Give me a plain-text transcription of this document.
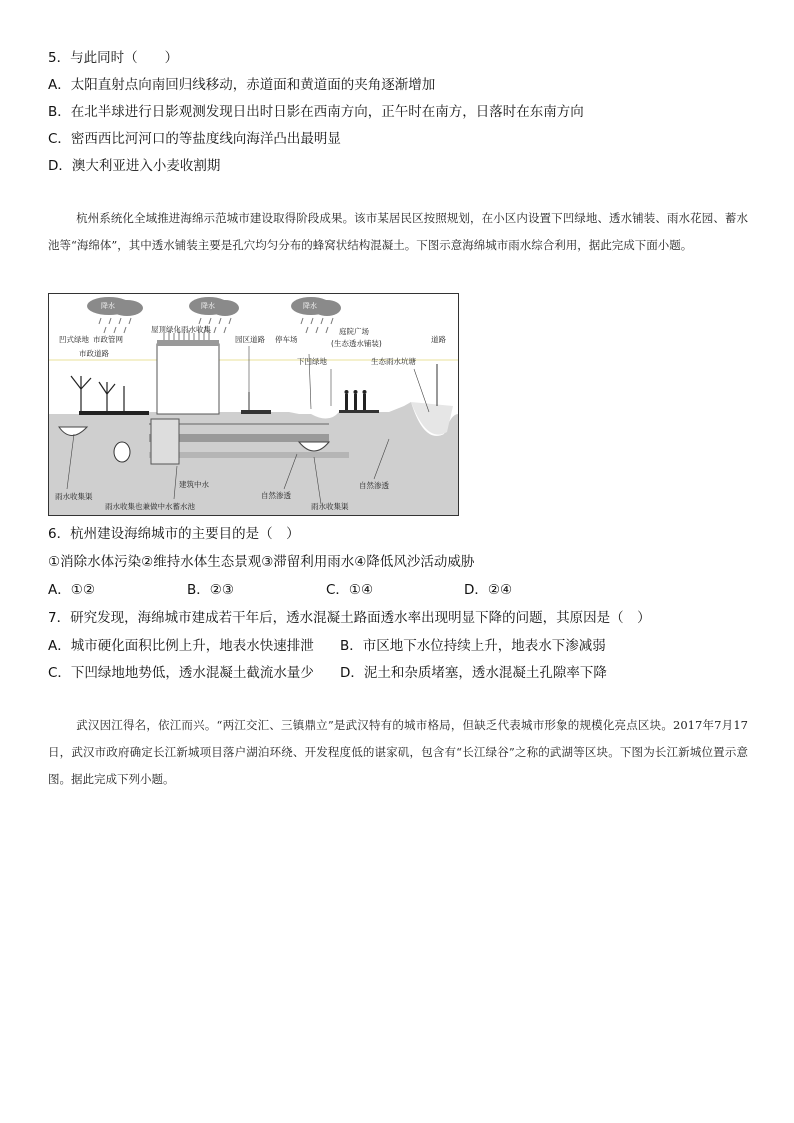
5．与此同时（　　）
A．太阳直射点向南回归线移动，赤道面和黄道面的夹角逐渐增加
B．在北半球进行日影观测发现日出时日影在西南方向，正午时在南方，日落时在东南方向
C．密西西比河河口的等盐度线向海洋凸出最明显
D．澳大利亚进入小麦收割期
杭州系统化全域推进海绵示范城市建设取得阶段成果。该市某居民区按照规划，在小区内设置下凹绿地、透水铺装、雨水花园、蓄水池等“海绵体”，其中透水铺装主要是孔穴均匀分布的蜂窝状结构混凝土。下图示意海绵城市雨水综合利用，据此完成下面小题。
降水	降水	降水
凹式绿地 市政管网
市政道路
屋顶绿化雨水收集
园区道路 停车场
庭院广场
(生态透水铺装)	道路
下凹绿地	生态雨水坑塘
雨水收集渠
建筑中水
雨水收集也兼做中水蓄水池
自然渗透
自然渗透
雨水收集渠
6．杭州建设海绵城市的主要目的是（　）
①消除水体污染②维持水体生态景观③滞留利用雨水④降低风沙活动威胁
A．①②	B．②③	C．①④	D．②④
7．研究发现，海绵城市建成若干年后，透水混凝土路面透水率出现明显下降的问题，其原因是（　）
A．城市硬化面积比例上升，地表水快速排泄 B．市区地下水位持续上升，地表水下渗减弱
C．下凹绿地地势低，透水混凝土截流水量少 D．泥土和杂质堵塞，透水混凝土孔隙率下降
武汉因江得名，依江而兴。“两江交汇、三镇鼎立”是武汉特有的城市格局，但缺乏代表城市形象的规模化亮点区块。2017年7月17日，武汉市政府确定长江新城项目落户湖泊环绕、开发程度低的谌家矶，包含有“长江绿谷”之称的武湖等区块。下图为长江新城位置示意图。据此完成下列小题。
